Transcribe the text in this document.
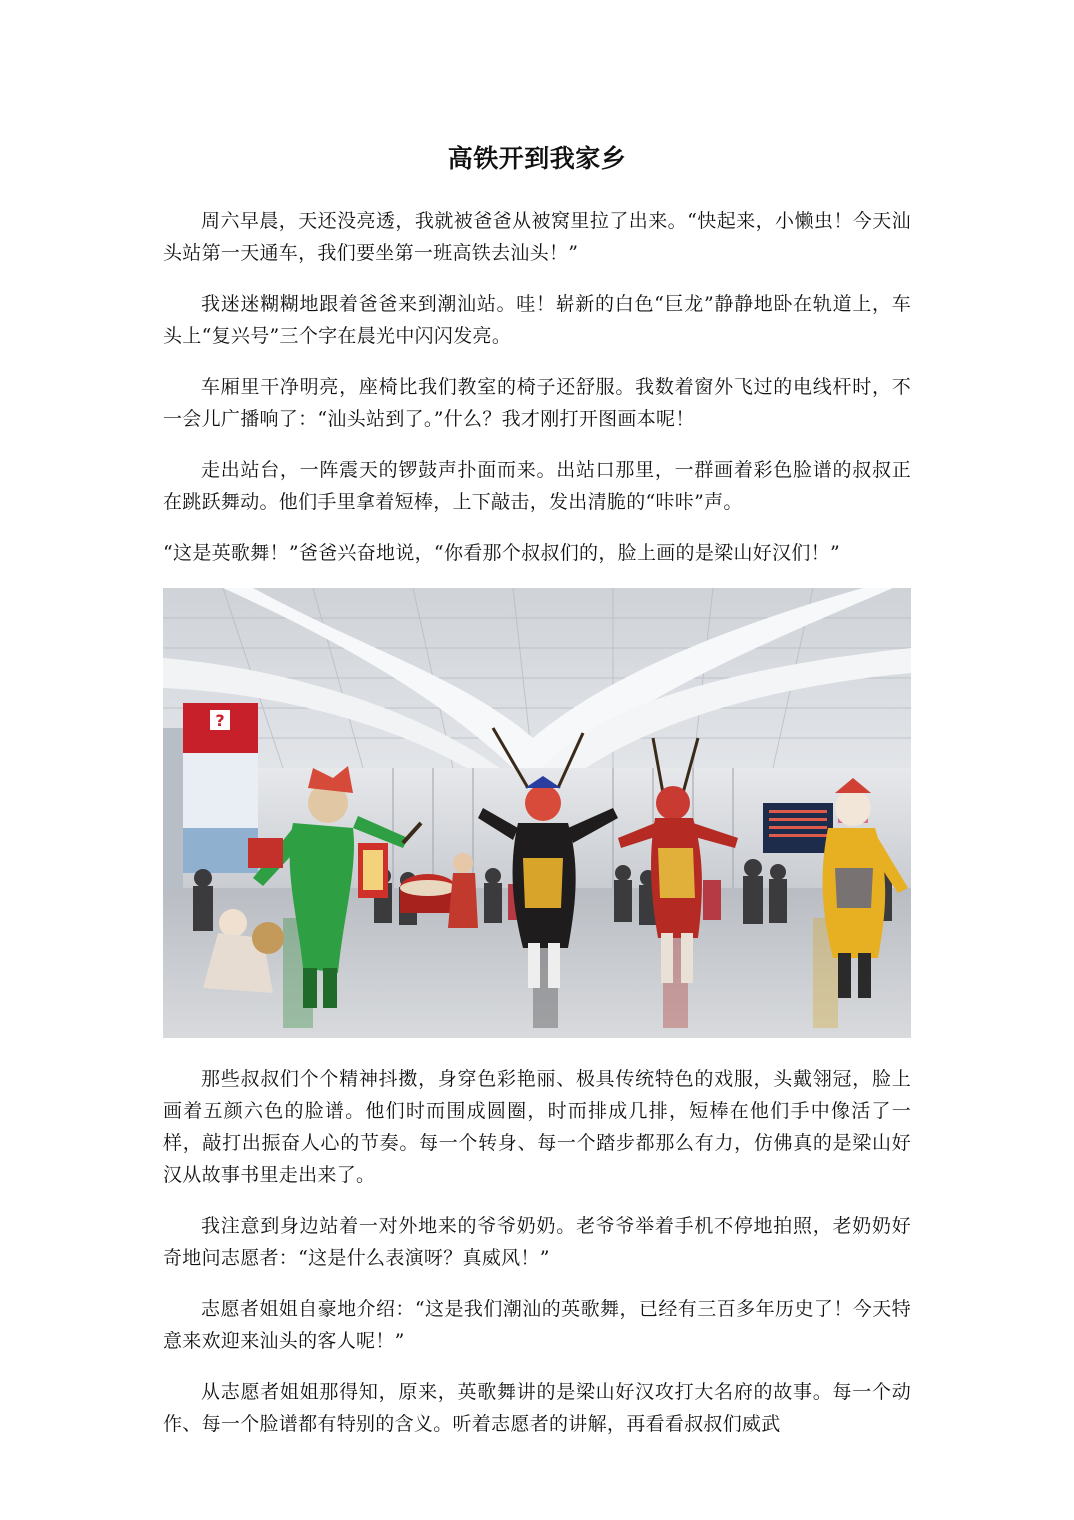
高铁开到我家乡

周六早晨，天还没亮透，我就被爸爸从被窝里拉了出来。“快起来，小懒虫！今天汕头站第一天通车，我们要坐第一班高铁去汕头！”

我迷迷糊糊地跟着爸爸来到潮汕站。哇！崭新的白色“巨龙”静静地卧在轨道上，车头上“复兴号”三个字在晨光中闪闪发亮。

车厢里干净明亮，座椅比我们教室的椅子还舒服。我数着窗外飞过的电线杆时，不一会儿广播响了：“汕头站到了。”什么？我才刚打开图画本呢！

走出站台，一阵震天的锣鼓声扑面而来。出站口那里，一群画着彩色脸谱的叔叔正在跳跃舞动。他们手里拿着短棒，上下敲击，发出清脆的“咔咔”声。

“这是英歌舞！”爸爸兴奋地说，“你看那个叔叔们的，脸上画的是梁山好汉们！”

?

那些叔叔们个个精神抖擞，身穿色彩艳丽、极具传统特色的戏服，头戴翎冠，脸上画着五颜六色的脸谱。他们时而围成圆圈，时而排成几排，短棒在他们手中像活了一样，敲打出振奋人心的节奏。每一个转身、每一个踏步都那么有力，仿佛真的是梁山好汉从故事书里走出来了。

我注意到身边站着一对外地来的爷爷奶奶。老爷爷举着手机不停地拍照，老奶奶好奇地问志愿者：“这是什么表演呀？真威风！”

志愿者姐姐自豪地介绍：“这是我们潮汕的英歌舞，已经有三百多年历史了！今天特意来欢迎来汕头的客人呢！”

从志愿者姐姐那得知，原来，英歌舞讲的是梁山好汉攻打大名府的故事。每一个动作、每一个脸谱都有特别的含义。听着志愿者的讲解，再看看叔叔们威武
